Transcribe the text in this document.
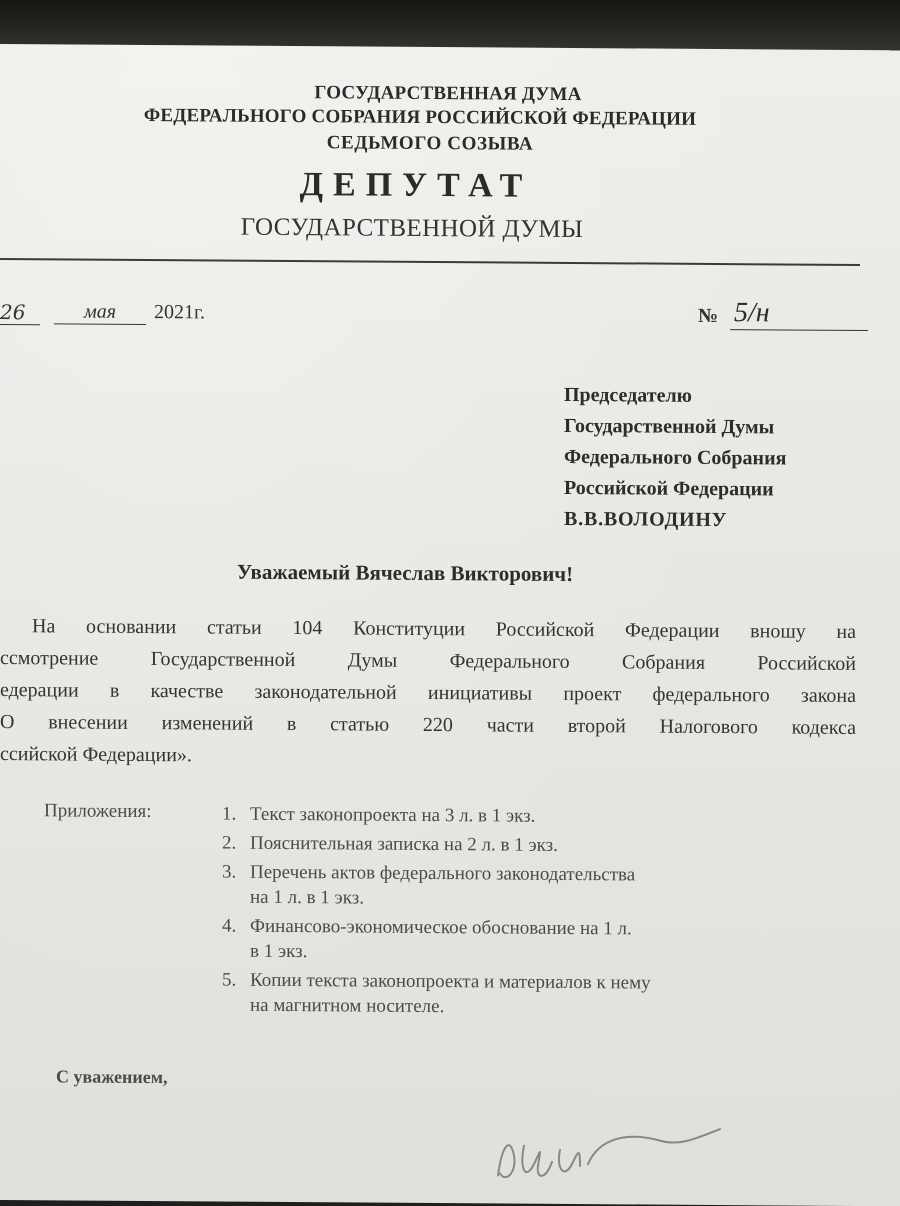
ГОСУДАРСТВЕННАЯ ДУМА
ФЕДЕРАЛЬНОГО СОБРАНИЯ РОССИЙСКОЙ ФЕДЕРАЦИИ
СЕДЬМОГО СОЗЫВА
ДЕПУТАТ
ГОСУДАРСТВЕННОЙ ДУМЫ
26	мая	2021г.	№ 5/н
Председателю
Государственной Думы
Федерального Собрания
Российской Федерации
В.В.ВОЛОДИНУ
Уважаемый Вячеслав Викторович!
На основании статьи 104 Конституции Российской Федерации вношу на
ссмотрение Государственной Думы Федерального Собрания Российской
едерации в качестве законодательной инициативы проект федерального закона
О внесении изменений в статью 220 части второй Налогового кодекса
ссийской Федерации».
Приложения:	1. Текст законопроекта на 3 л. в 1 экз.
2. Пояснительная записка на 2 л. в 1 экз.
3. Перечень актов федерального законодательства
на 1 л. в 1 экз.
4. Финансово-экономическое обоснование на 1 л.
в 1 экз.
5. Копии текста законопроекта и материалов к нему
на магнитном носителе.
С уважением,
